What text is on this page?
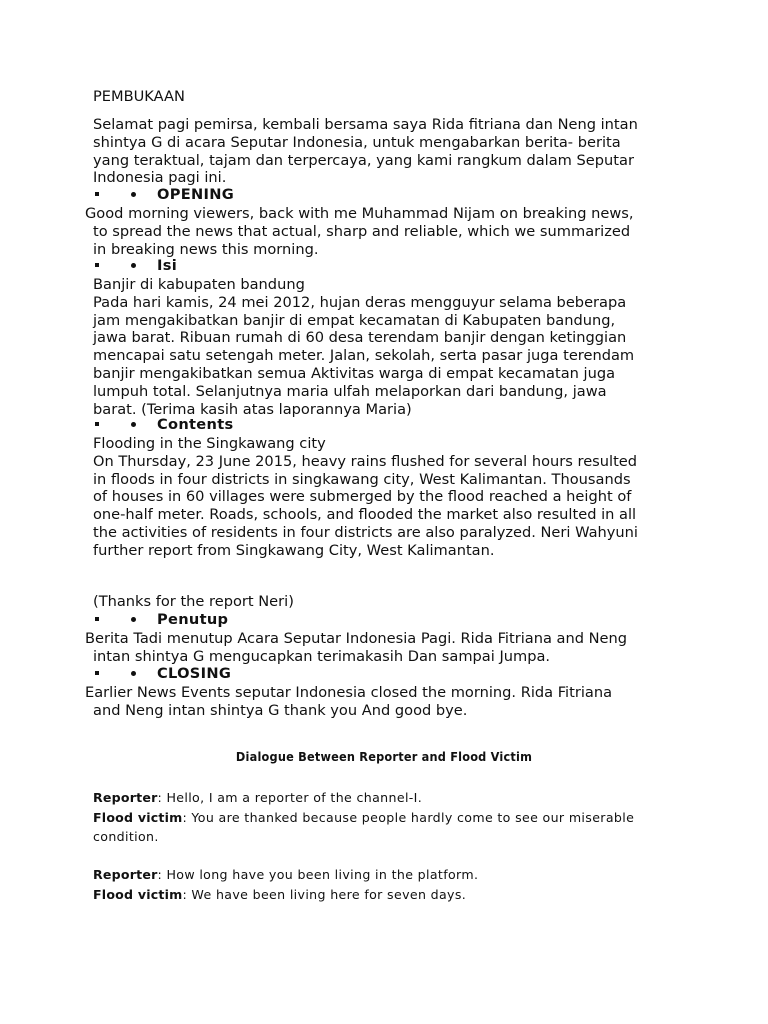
PEMBUKAAN
Selamat pagi pemirsa, kembali bersama saya Rida fitriana dan Neng intan
shintya G di acara Seputar Indonesia, untuk mengabarkan berita- berita
yang teraktual, tajam dan terpercaya, yang kami rangkum dalam Seputar
Indonesia pagi ini.
OPENING
Good morning viewers, back with me Muhammad Nijam on breaking news,
to spread the news that actual, sharp and reliable, which we summarized
in breaking news this morning.
Isi
Banjir di kabupaten bandung
Pada hari kamis, 24 mei 2012, hujan deras mengguyur selama beberapa
jam mengakibatkan banjir di empat kecamatan di Kabupaten bandung,
jawa barat. Ribuan rumah di 60 desa terendam banjir dengan ketinggian
mencapai satu setengah meter. Jalan, sekolah, serta pasar juga terendam
banjir mengakibatkan semua Aktivitas warga di empat kecamatan juga
lumpuh total. Selanjutnya maria ulfah melaporkan dari bandung, jawa
barat. (Terima kasih atas laporannya Maria)
Contents
Flooding in the Singkawang city
On Thursday, 23 June 2015, heavy rains flushed for several hours resulted
in floods in four districts in singkawang city, West Kalimantan. Thousands
of houses in 60 villages were submerged by the flood reached a height of
one-half meter. Roads, schools, and flooded the market also resulted in all
the activities of residents in four districts are also paralyzed. Neri Wahyuni
further report from Singkawang City, West Kalimantan.
(Thanks for the report Neri)
Penutup
Berita Tadi menutup Acara Seputar Indonesia Pagi. Rida Fitriana and Neng
intan shintya G mengucapkan terimakasih Dan sampai Jumpa.
CLOSING
Earlier News Events seputar Indonesia closed the morning. Rida Fitriana
and Neng intan shintya G thank you And good bye.
Dialogue Between Reporter and Flood Victim
Reporter: Hello, I am a reporter of the channel-I.
Flood victim: You are thanked because people hardly come to see our miserable condition.
Reporter: How long have you been living in the platform.
Flood victim: We have been living here for seven days.
